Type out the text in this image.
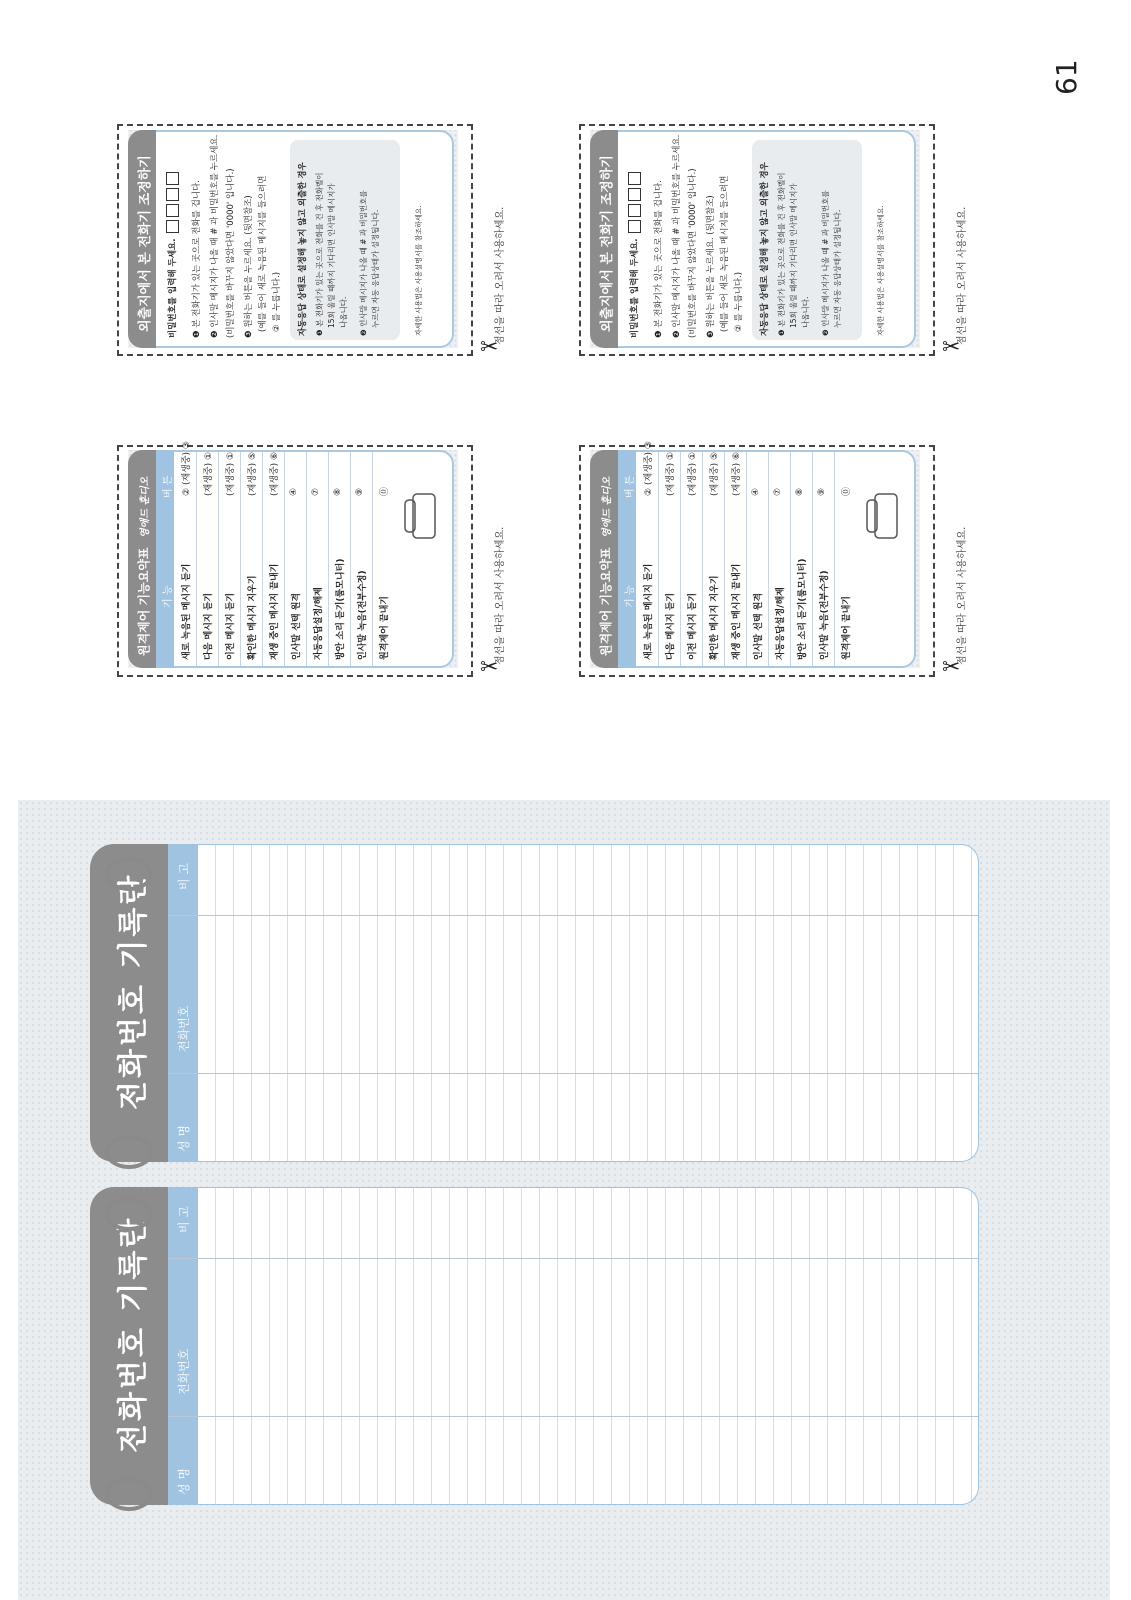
61
전화번호 기록란
성 명
전화번호
비 고
전화번호 기록란
성 명
전화번호
비 고
원격제어 기능요약표
영애드 훈디오
기 능
버 튼
새로 녹음된 메시지 듣기
② (재생중) ③
다음 메시지 듣기
(재생중) ①
이전 메시지 듣기
(재생중) ①
확인한 메시지 지우기
(재생중) ⑤
재생 중인 메시지 끝내기
(재생중) ⑥
인사말 선택 원격
④
자동응답설정/해제
⑦
방안 소리 듣기(룸모니터)
⑧
인사말 녹음(전부수정)
⑨
원격제어 끝내기
⓪
점선을 따라 오려서 사용하세요.
✂
외출지에서 본 전화기 조정하기 비밀번호를 입력해 두세요. ❶ 본 전화기가 있는 곳으로 전화를 겁니다.
❷ 인사말 메시지가 나올 때 # 과 비밀번호를 누르세요. (비밀번호를 바꾸지 않았다면 '0000' 입니다.) ❸ 원하는 버튼을 누르세요. (뒷면참조) (예를 들어 새로 녹음된 메시지를 들으려면 ② 를 누릅니다.) 자동응답 상태로 설정해 놓지 않고 외출한 경우 ❶ 본 전화기가 있는 곳으로 전화를 건 후 전화벨이 15회 울릴 때까지 기다리면 인사말 메시지가 나옵니다.
❷ 인사말 메시지가 나올 때 # 과 비밀번호를 누르면 자동 응답상태가 설정됩니다.	자세한 사용법은 사용설명서를 참조하세요.	점선을 따라 오려서 사용하세요.
✂
원격제어 기능요약표
영애드 훈디오
기 능
버 튼
새로 녹음된 메시지 듣기
② (재생중) ③
다음 메시지 듣기
(재생중) ①
이전 메시지 듣기
(재생중) ①
확인한 메시지 지우기
(재생중) ⑤
재생 중인 메시지 끝내기
(재생중) ⑥
인사말 선택 원격
④
자동응답설정/해제
⑦
방안 소리 듣기(룸모니터)
⑧
인사말 녹음(전부수정)
⑨
원격제어 끝내기
⓪
점선을 따라 오려서 사용하세요.
✂
외출지에서 본 전화기 조정하기 비밀번호를 입력해 두세요. ❶ 본 전화기가 있는 곳으로 전화를 겁니다.
❷ 인사말 메시지가 나올 때 # 과 비밀번호를 누르세요. (비밀번호를 바꾸지 않았다면 '0000' 입니다.) ❸ 원하는 버튼을 누르세요. (뒷면참조) (예를 들어 새로 녹음된 메시지를 들으려면 ② 를 누릅니다.) 자동응답 상태로 설정해 놓지 않고 외출한 경우 ❶ 본 전화기가 있는 곳으로 전화를 건 후 전화벨이 15회 울릴 때까지 기다리면 인사말 메시지가 나옵니다.
❷ 인사말 메시지가 나올 때 # 과 비밀번호를 누르면 자동 응답상태가 설정됩니다.	자세한 사용법은 사용설명서를 참조하세요.	점선을 따라 오려서 사용하세요.
✂
